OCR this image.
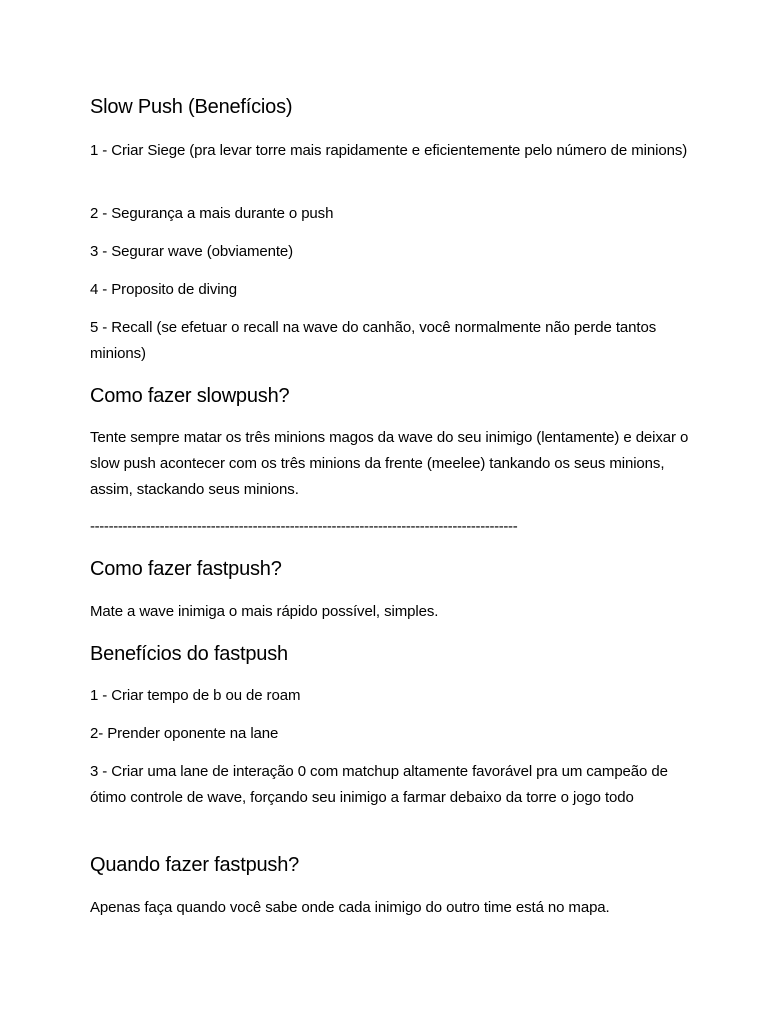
Slow Push (Benefícios)

1 - Criar Siege (pra levar torre mais rapidamente e eficientemente pelo número de minions)

2 - Segurança a mais durante o push

3 - Segurar wave (obviamente)

4 - Proposito de diving

5 - Recall (se efetuar o recall na wave do canhão, você normalmente não perde tantos minions)

Como fazer slowpush?

Tente sempre matar os três minions magos da wave do seu inimigo (lentamente) e deixar o slow push acontecer com os três minions da frente (meelee) tankando os seus minions, assim, stackando seus minions.

--------------------------------------------------------------------------------------------
Como fazer fastpush?

Mate a wave inimiga o mais rápido possível, simples.

Benefícios do fastpush

1 - Criar tempo de b ou de roam

2- Prender oponente na lane

3 - Criar uma lane de interação 0 com matchup altamente favorável pra um campeão de ótimo controle de wave, forçando seu inimigo a farmar debaixo da torre o jogo todo

Quando fazer fastpush?

Apenas faça quando você sabe onde cada inimigo do outro time está no mapa.
